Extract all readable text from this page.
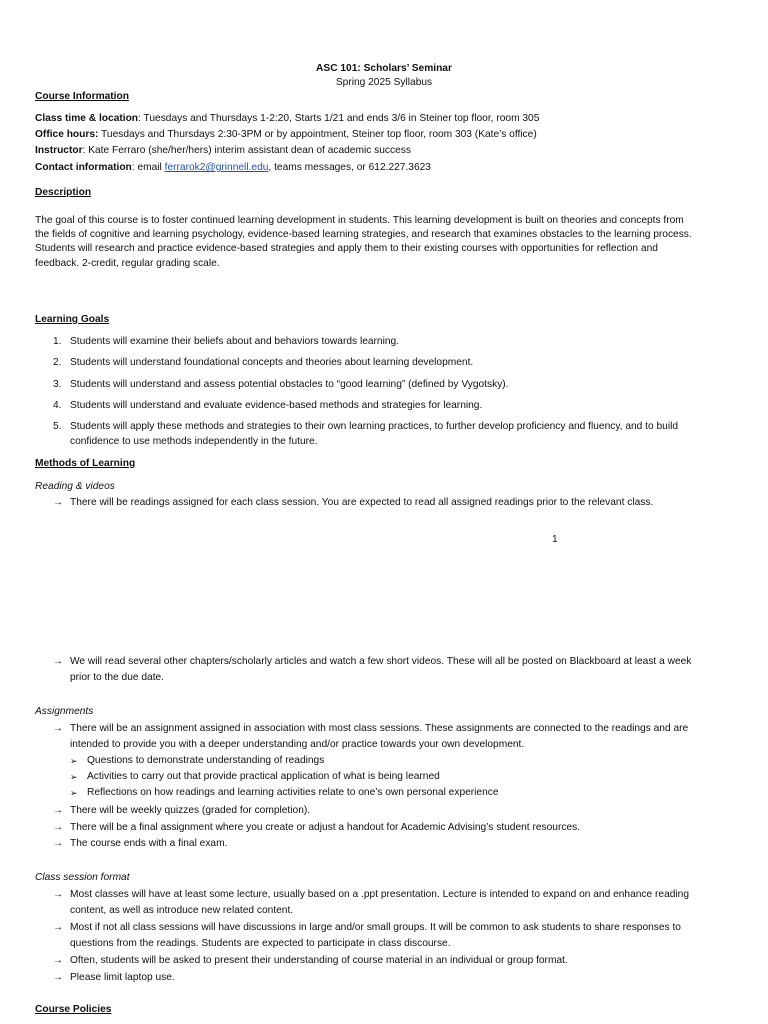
ASC 101: Scholars’ Seminar
Spring 2025 Syllabus
Course Information
Class time & location: Tuesdays and Thursdays 1-2:20, Starts 1/21 and ends 3/6 in Steiner top floor, room 305
Office hours: Tuesdays and Thursdays 2:30-3PM or by appointment, Steiner top floor, room 303 (Kate’s office)
Instructor: Kate Ferraro (she/her/hers) interim assistant dean of academic success
Contact information: email ferrarok2@grinnell.edu, teams messages, or 612.227.3623
Description
The goal of this course is to foster continued learning development in students. This learning development is built on theories and concepts from
the fields of cognitive and learning psychology, evidence-based learning strategies, and research that examines obstacles to the learning process.
Students will research and practice evidence-based strategies and apply them to their existing courses with opportunities for reflection and
feedback. 2-credit, regular grading scale.
Learning Goals
1. Students will examine their beliefs about and behaviors towards learning.
2. Students will understand foundational concepts and theories about learning development.
3. Students will understand and assess potential obstacles to “good learning” (defined by Vygotsky).
4. Students will understand and evaluate evidence-based methods and strategies for learning.
5. Students will apply these methods and strategies to their own learning practices, to further develop proficiency and fluency, and to build
confidence to use methods independently in the future.
Methods of Learning
Reading & videos
→ There will be readings assigned for each class session. You are expected to read all assigned readings prior to the relevant class.
1
→ We will read several other chapters/scholarly articles and watch a few short videos. These will all be posted on Blackboard at least a week
prior to the due date.
Assignments
→ There will be an assignment assigned in association with most class sessions. These assignments are connected to the readings and are
intended to provide you with a deeper understanding and/or practice towards your own development.
➢ Questions to demonstrate understanding of readings
➢ Activities to carry out that provide practical application of what is being learned
➢ Reflections on how readings and learning activities relate to one’s own personal experience
→ There will be weekly quizzes (graded for completion).
→ There will be a final assignment where you create or adjust a handout for Academic Advising’s student resources.
→ The course ends with a final exam.
Class session format
→ Most classes will have at least some lecture, usually based on a .ppt presentation. Lecture is intended to expand on and enhance reading
content, as well as introduce new related content.
→ Most if not all class sessions will have discussions in large and/or small groups. It will be common to ask students to share responses to
questions from the readings. Students are expected to participate in class discourse.
→ Often, students will be asked to present their understanding of course material in an individual or group format.
→ Please limit laptop use.
Course Policies
